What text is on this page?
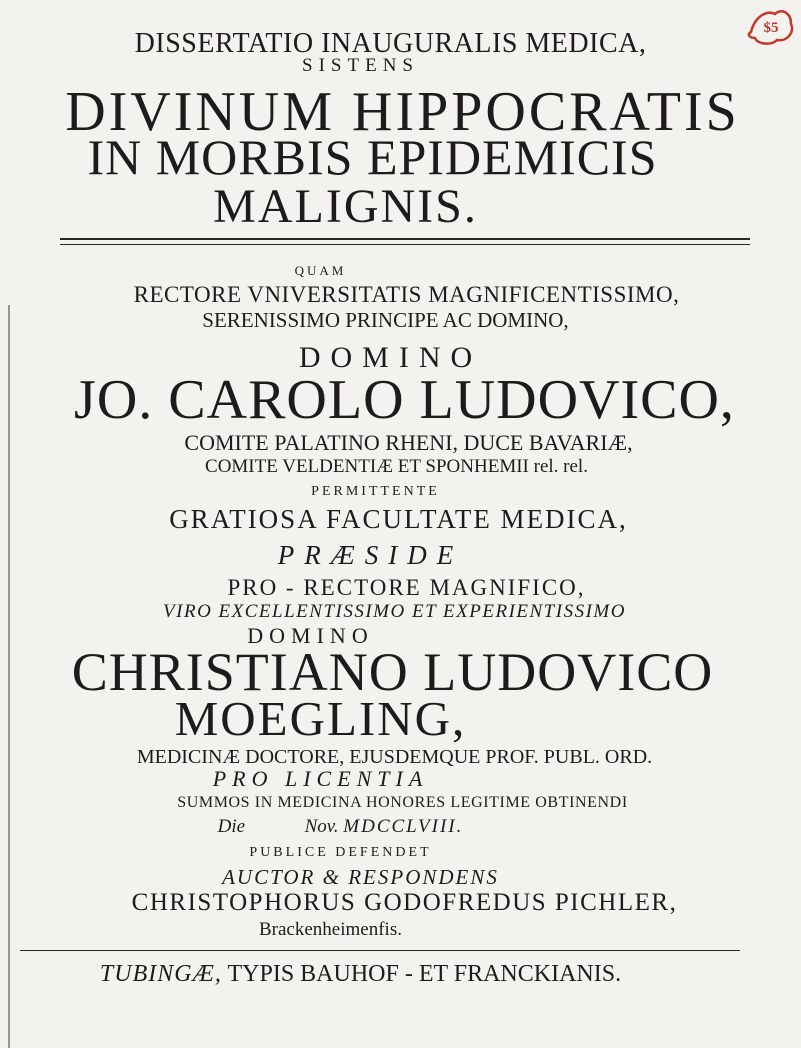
$5
DISSERTATIO INAUGURALIS MEDICA,
SISTENS
DIVINUM HIPPOCRATIS
IN MORBIS EPIDEMICIS
MALIGNIS.
QUAM
RECTORE VNIVERSITATIS MAGNIFICENTISSIMO,
SERENISSIMO PRINCIPE AC DOMINO,
DOMINO
JO. CAROLO LUDOVICO,
COMITE PALATINO RHENI, DUCE BAVARIÆ,
COMITE VELDENTIÆ ET SPONHEMII rel. rel.
PERMITTENTE
GRATIOSA FACULTATE MEDICA,
PRÆSIDE
PRO - RECTORE MAGNIFICO,
VIRO EXCELLENTISSIMO ET EXPERIENTISSIMO
DOMINO
CHRISTIANO LUDOVICO
MOEGLING,
MEDICINÆ DOCTORE, EJUSDEMQUE PROF. PUBL. ORD.
PRO LICENTIA
SUMMOS IN MEDICINA HONORES LEGITIME OBTINENDI
Die	Nov. MDCCLVIII.
PUBLICE DEFENDET
AUCTOR & RESPONDENS
CHRISTOPHORUS GODOFREDUS PICHLER,
Brackenheimenfis.
TUBINGÆ, TYPIS BAUHOF - ET FRANCKIANIS.
